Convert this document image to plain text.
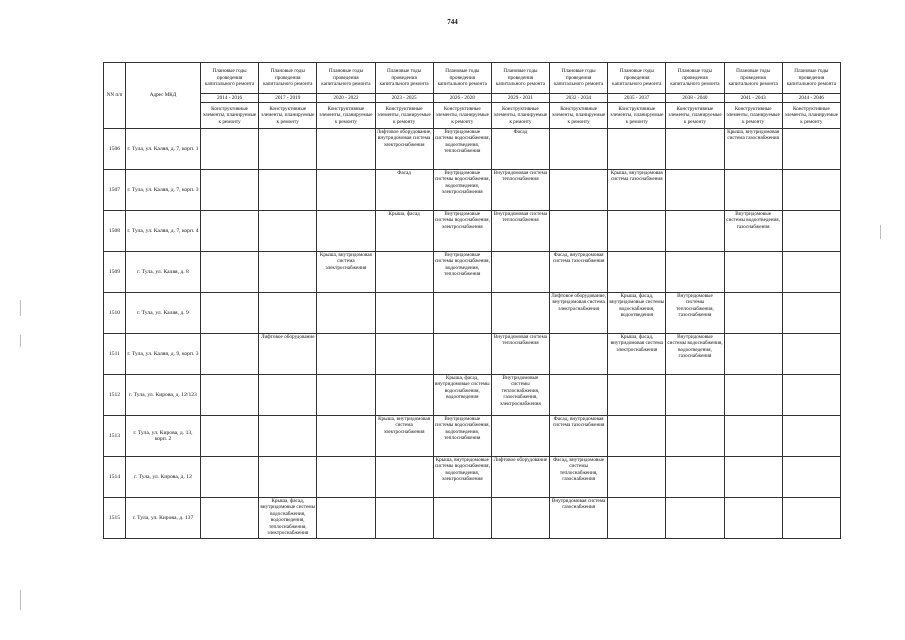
744
NN п/п	Адрес МКД	Плановые годы проведения капитального ремонта	Плановые годы проведения капитального ремонта	Плановые годы проведения капитального ремонта	Плановые годы проведения капитального ремонта	Плановые годы проведения капитального ремонта	Плановые годы проведения капитального ремонта	Плановые годы проведения капитального ремонта	Плановые годы проведения капитального ремонта	Плановые годы проведения капитального ремонта	Плановые годы проведения капитального ремонта	Плановые годы проведения капитального ремонта
		2014 - 2016	2017 - 2019	2020 - 2022	2023 - 2025	2026 - 2028	2029 - 2031	2032 - 2034	2035 - 2037	2038 - 2040	2041 - 2043	2044 - 2046
		Конструктивные элементы, планируемые к ремонту	Конструктивные элементы, планируемые к ремонту	Конструктивные элементы, планируемые к ремонту	Конструктивные элементы, планируемые к ремонту	Конструктивные элементы, планируемые к ремонту	Конструктивные элементы, планируемые к ремонту	Конструктивные элементы, планируемые к ремонту	Конструктивные элементы, планируемые к ремонту	Конструктивные элементы, планируемые к ремонту	Конструктивные элементы, планируемые к ремонту	Конструктивные элементы, планируемые к ремонту
1506	г. Тула, ул. Каляя, д. 7, корп. 1				Лифтовое оборудование, внутридомовая система электроснабжения	Внутридомовые системы водоснабжения, водоотведения, теплоснабжения	Фасад				Крыша, внутридомовая система газоснабжения	
1507	г. Тула, ул. Каляя, д. 7, корп. 3				Фасад	Внутридомовые системы водоснабжения, водоотведения, электроснабжения	Внутридомовая система теплоснабжения		Крыша, внутридомовая система газоснабжения			
1508	г. Тула, ул. Каляя, д. 7, корп. 4				Крыша, фасад	Внутридомовые системы водоснабжения, электроснабжения	Внутридомовая система теплоснабжения				Внутридомовые системы водоотведения, газоснабжения	
1509	г. Тула, ул. Каляя, д. 8			Крыша, внутридомовая система электроснабжения		Внутридомовые системы водоснабжения, водоотведения, теплоснабжения		Фасад, внутридомовая система газоснабжения				
1510	г. Тула, ул. Каляя, д. 9							Лифтовое оборудование, внутридомовая система электроснабжения	Крыша, фасад, внутридомовые системы водоснабжения, водоотведения	Внутридомовые системы теплоснабжения, газоснабжения		
1511	г. Тула, ул. Каляя, д. 9, корп. 3		Лифтовое оборудование				Внутридомовая система теплоснабжения		Крыша, фасад, внутридомовая система электроснабжения	Внутридомовые системы водоснабжения, водоотведения, газоснабжения		
1512	г. Тула, ул. Кирова, д. 12/123					Крыша, фасад, внутридомовые системы водоснабжения, водоотведения	Внутридомовые системы теплоснабжения, газоснабжения, электроснабжения					
1513	г. Тула, ул. Кирова, д. 13, корп. 2				Крыша, внутридомовая система электроснабжения	Внутридомовые системы водоснабжения, водоотведения, теплоснабжения		Фасад, внутридомовая система газоснабжения				
1514	г. Тула, ул. Кирова, д. 12					Крыша, внутридомовые системы водоснабжения, водоотведения, электроснабжения	Лифтовое оборудование	Фасад, внутридомовые системы теплоснабжения, газоснабжения				
1515	г. Тула, ул. Кирова, д. 137		Крыша, фасад, внутридомовые системы водоснабжения, водоотведения, теплоснабжения, электроснабжения					Внутридомовая система газоснабжения				
